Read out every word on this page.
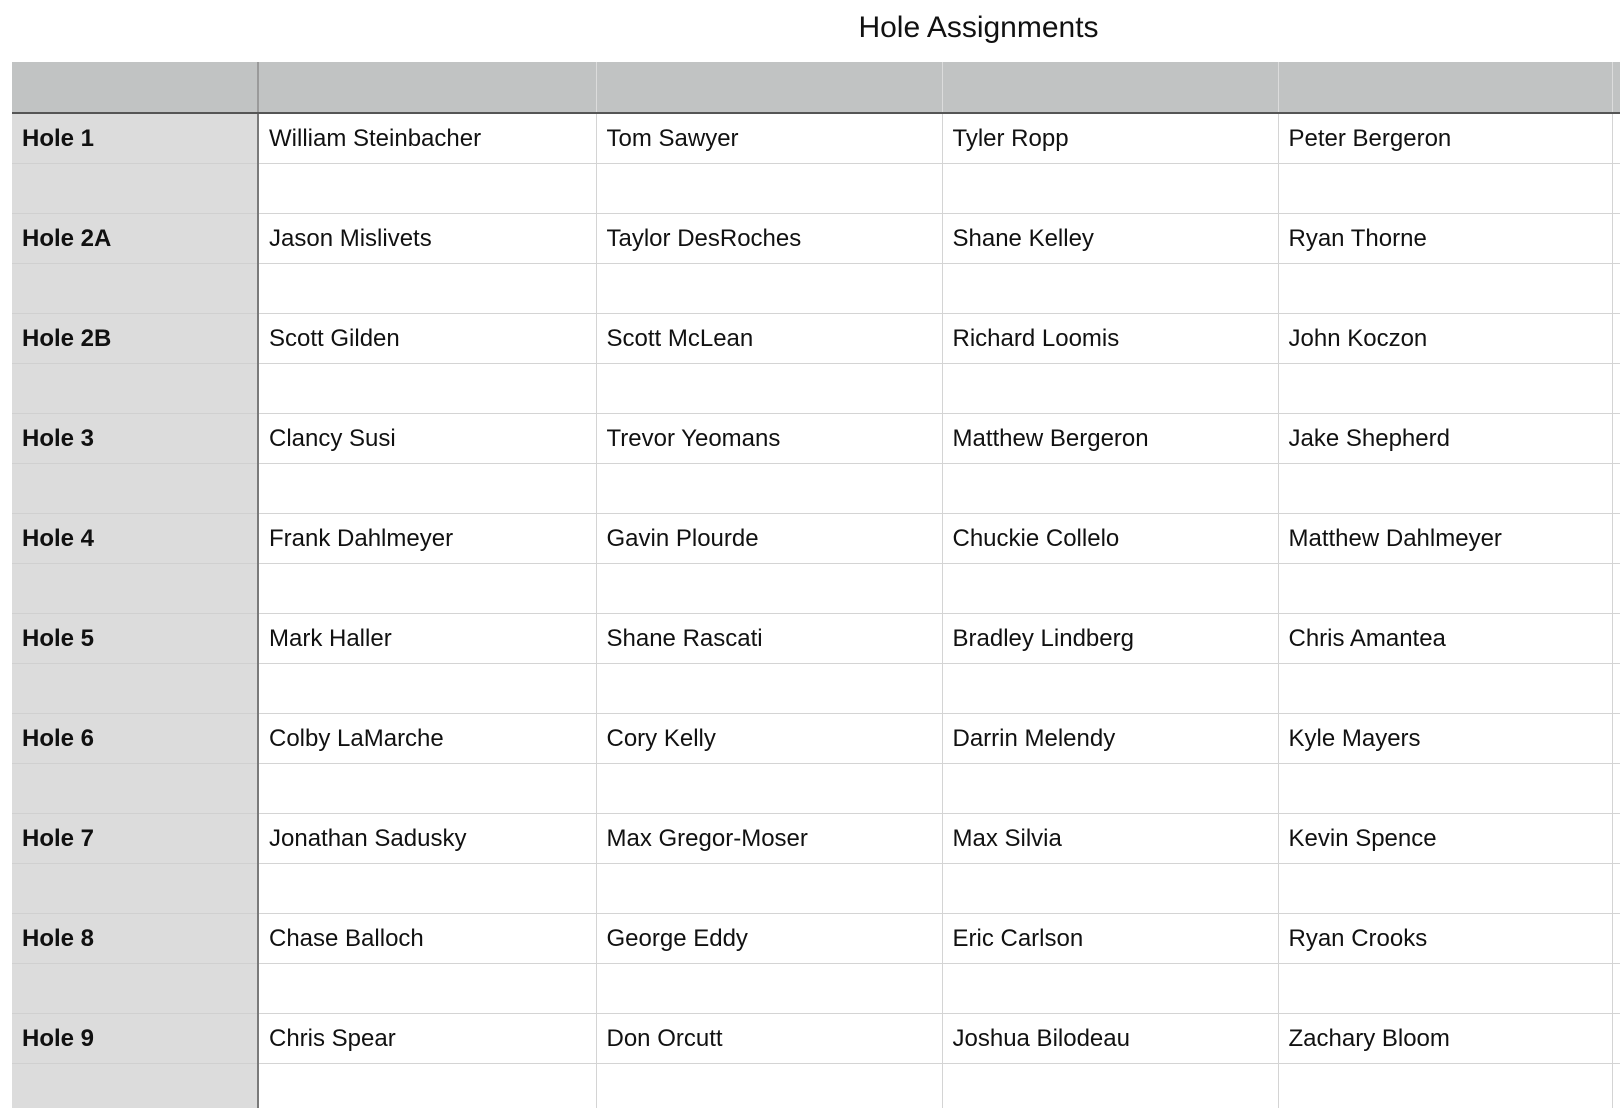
Hole Assignments

Hole 1	William Steinbacher	Tom Sawyer	Tyler Ropp	Peter Bergeron	

Hole 2A	Jason Mislivets	Taylor DesRoches	Shane Kelley	Ryan Thorne	

Hole 2B	Scott Gilden	Scott McLean	Richard Loomis	John Koczon	

Hole 3	Clancy Susi	Trevor Yeomans	Matthew Bergeron	Jake Shepherd	

Hole 4	Frank Dahlmeyer	Gavin Plourde	Chuckie Collelo	Matthew Dahlmeyer	

Hole 5	Mark Haller	Shane Rascati	Bradley Lindberg	Chris Amantea	

Hole 6	Colby LaMarche	Cory Kelly	Darrin Melendy	Kyle Mayers	

Hole 7	Jonathan Sadusky	Max Gregor-Moser	Max Silvia	Kevin Spence	

Hole 8	Chase Balloch	George Eddy	Eric Carlson	Ryan Crooks	

Hole 9	Chris Spear	Don Orcutt	Joshua Bilodeau	Zachary Bloom	
